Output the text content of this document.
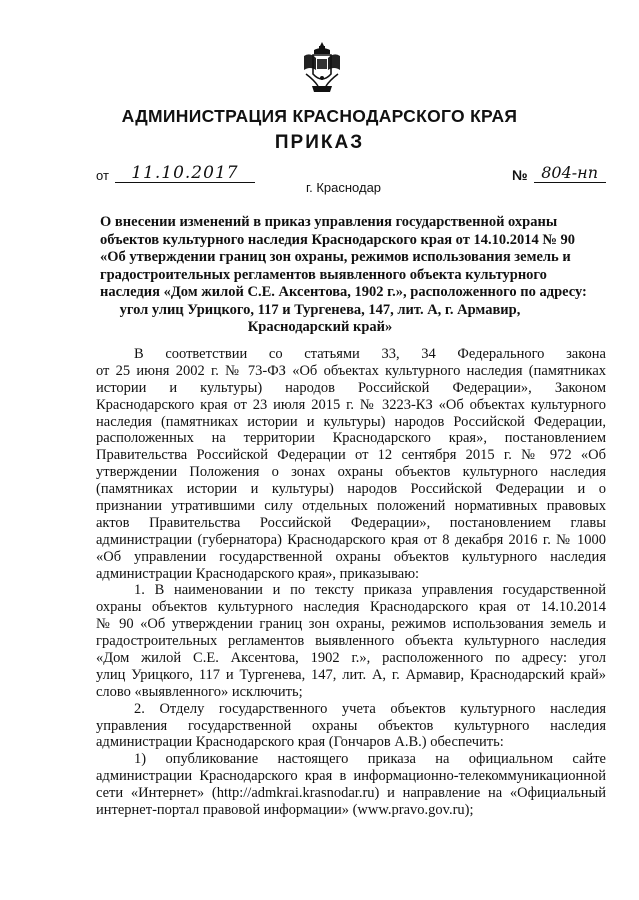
АДМИНИСТРАЦИЯ КРАСНОДАРСКОГО КРАЯ
ПРИКАЗ
от	11.10.2017	№ 804-нп
г. Краснодар
О внесении изменений в приказ управления государственной охраны
объектов культурного наследия Краснодарского края от 14.10.2014 № 90
«Об утверждении границ зон охраны, режимов использования земель и
градостроительных регламентов выявленного объекта культурного
наследия «Дом жилой С.Е. Аксентова, 1902 г.», расположенного по адресу:
угол улиц Урицкого, 117 и Тургенева, 147, лит. А, г. Армавир,
Краснодарский край»
В соответствии со статьями 33, 34 Федерального закона
от 25 июня 2002 г. № 73-ФЗ «Об объектах культурного наследия (памятниках
истории и культуры) народов Российской Федерации», Законом
Краснодарского края от 23 июля 2015 г. № 3223-КЗ «Об объектах культурного
наследия (памятниках истории и культуры) народов Российской Федерации,
расположенных на территории Краснодарского края», постановлением
Правительства Российской Федерации от 12 сентября 2015 г. № 972 «Об
утверждении Положения о зонах охраны объектов культурного наследия
(памятниках истории и культуры) народов Российской Федерации и о
признании утратившими силу отдельных положений нормативных правовых
актов Правительства Российской Федерации», постановлением главы
администрации (губернатора) Краснодарского края от 8 декабря 2016 г. № 1000
«Об управлении государственной охраны объектов культурного наследия
администрации Краснодарского края», приказываю:
1. В наименовании и по тексту приказа управления государственной
охраны объектов культурного наследия Краснодарского края от 14.10.2014
№ 90 «Об утверждении границ зон охраны, режимов использования земель и
градостроительных регламентов выявленного объекта культурного наследия
«Дом жилой С.Е. Аксентова, 1902 г.», расположенного по адресу: угол
улиц Урицкого, 117 и Тургенева, 147, лит. А, г. Армавир, Краснодарский край»
слово «выявленного» исключить;
2. Отделу государственного учета объектов культурного наследия
управления государственной охраны объектов культурного наследия
администрации Краснодарского края (Гончаров А.В.) обеспечить:
1) опубликование настоящего приказа на официальном сайте
администрации Краснодарского края в информационно-телекоммуникационной
сети «Интернет» (http://admkrai.krasnodar.ru) и направление на «Официальный
интернет-портал правовой информации» (www.pravo.gov.ru);
